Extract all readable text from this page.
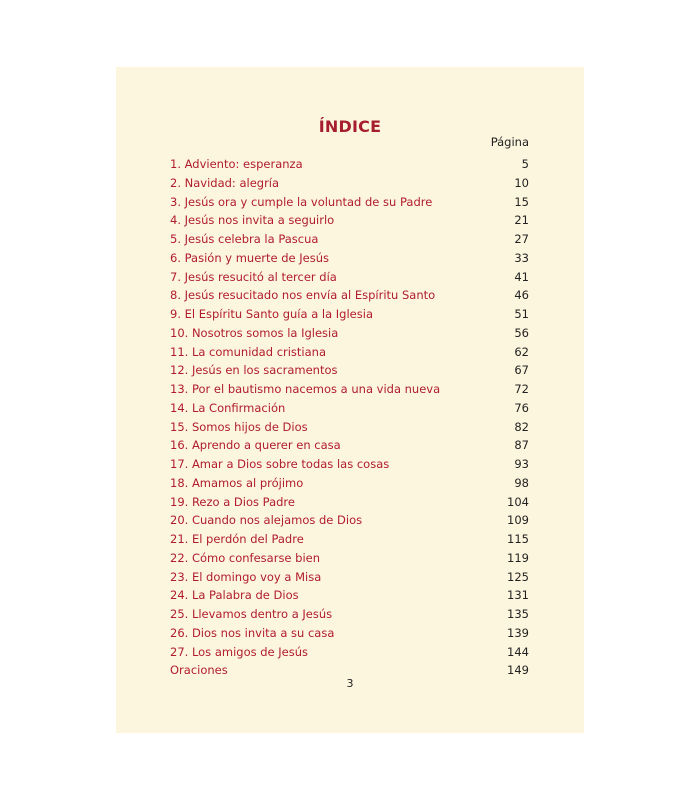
ÍNDICE
Página
1. Adviento: esperanza	5
2. Navidad: alegría	10
3. Jesús ora y cumple la voluntad de su Padre	15
4. Jesús nos invita a seguirlo	21
5. Jesús celebra la Pascua	27
6. Pasión y muerte de Jesús	33
7. Jesús resucitó al tercer día	41
8. Jesús resucitado nos envía al Espíritu Santo	46
9. El Espíritu Santo guía a la Iglesia	51
10. Nosotros somos la Iglesia	56
11. La comunidad cristiana	62
12. Jesús en los sacramentos	67
13. Por el bautismo nacemos a una vida nueva	72
14. La Confirmación	76
15. Somos hijos de Dios	82
16. Aprendo a querer en casa	87
17. Amar a Dios sobre todas las cosas	93
18. Amamos al prójimo	98
19. Rezo a Dios Padre	104
20. Cuando nos alejamos de Dios	109
21. El perdón del Padre	115
22. Cómo confesarse bien	119
23. El domingo voy a Misa	125
24. La Palabra de Dios	131
25. Llevamos dentro a Jesús	135
26. Dios nos invita a su casa	139
27. Los amigos de Jesús	144
Oraciones	149
3
